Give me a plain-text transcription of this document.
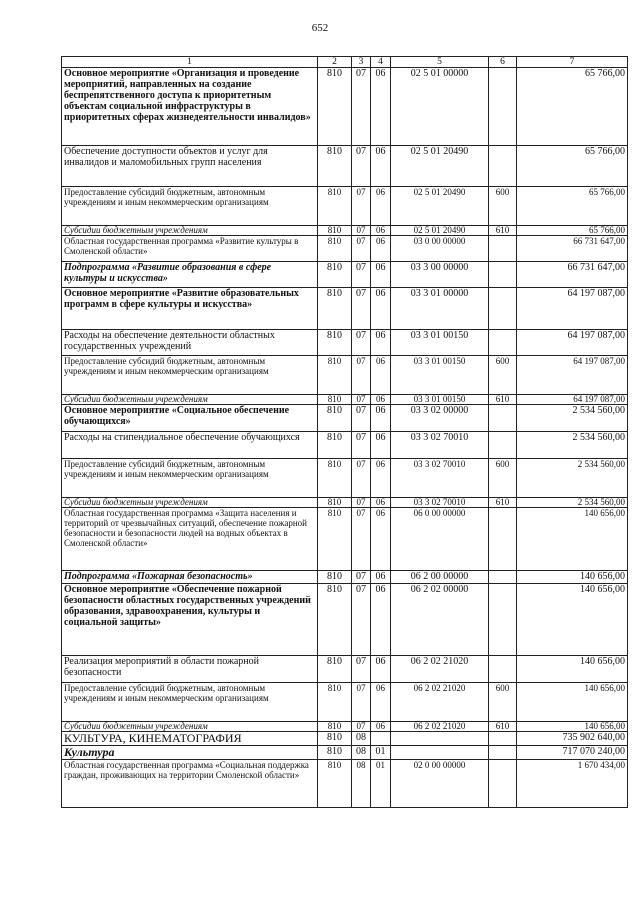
652
1	2	3	4	5	6	7
Основное мероприятие «Организация и проведение мероприятий, направленных на создание беспрепятственного доступа к приоритетным объектам социальной инфраструктуры в приоритетных сферах жизнедеятельности инвалидов»	810	07	06	02 5 01 00000		65 766,00
Обеспечение доступности объектов и услуг для инвалидов и маломобильных групп населения	810	07	06	02 5 01 20490		65 766,00
Предоставление субсидий бюджетным, автономным учреждениям и иным некоммерческим организациям	810	07	06	02 5 01 20490	600	65 766,00
Субсидии бюджетным учреждениям	810	07	06	02 5 01 20490	610	65 766,00
Областная государственная программа «Развитие культуры в Смоленской области»	810	07	06	03 0 00 00000		66 731 647,00
Подпрограмма «Развитие образования в сфере культуры и искусства»	810	07	06	03 3 00 00000		66 731 647,00
Основное мероприятие «Развитие образовательных программ в сфере культуры и искусства»	810	07	06	03 3 01 00000		64 197 087,00
Расходы на обеспечение деятельности областных государственных учреждений	810	07	06	03 3 01 00150		64 197 087,00
Предоставление субсидий бюджетным, автономным учреждениям и иным некоммерческим организациям	810	07	06	03 3 01 00150	600	64 197 087,00
Субсидии бюджетным учреждениям	810	07	06	03 3 01 00150	610	64 197 087,00
Основное мероприятие «Социальное обеспечение обучающихся»	810	07	06	03 3 02 00000		2 534 560,00
Расходы на стипендиальное обеспечение обучающихся	810	07	06	03 3 02 70010		2 534 560,00
Предоставление субсидий бюджетным, автономным учреждениям и иным некоммерческим организациям	810	07	06	03 3 02 70010	600	2 534 560,00
Субсидии бюджетным учреждениям	810	07	06	03 3 02 70010	610	2 534 560,00
Областная государственная программа «Защита населения и территорий от чрезвычайных ситуаций, обеспечение пожарной безопасности и безопасности людей на водных объектах в Смоленской области»	810	07	06	06 0 00 00000		140 656,00
Подпрограмма «Пожарная безопасность»	810	07	06	06 2 00 00000		140 656,00
Основное мероприятие «Обеспечение пожарной безопасности областных государственных учреждений образования, здравоохранения, культуры и социальной защиты»	810	07	06	06 2 02 00000		140 656,00
Реализация мероприятий в области пожарной безопасности	810	07	06	06 2 02 21020		140 656,00
Предоставление субсидий бюджетным, автономным учреждениям и иным некоммерческим организациям	810	07	06	06 2 02 21020	600	140 656,00
Субсидии бюджетным учреждениям	810	07	06	06 2 02 21020	610	140 656,00
КУЛЬТУРА, КИНЕМАТОГРАФИЯ	810	08				735 902 640,00
Культура	810	08	01			717 070 240,00
Областная государственная программа «Социальная поддержка граждан, проживающих на территории Смоленской области»	810	08	01	02 0 00 00000		1 670 434,00
